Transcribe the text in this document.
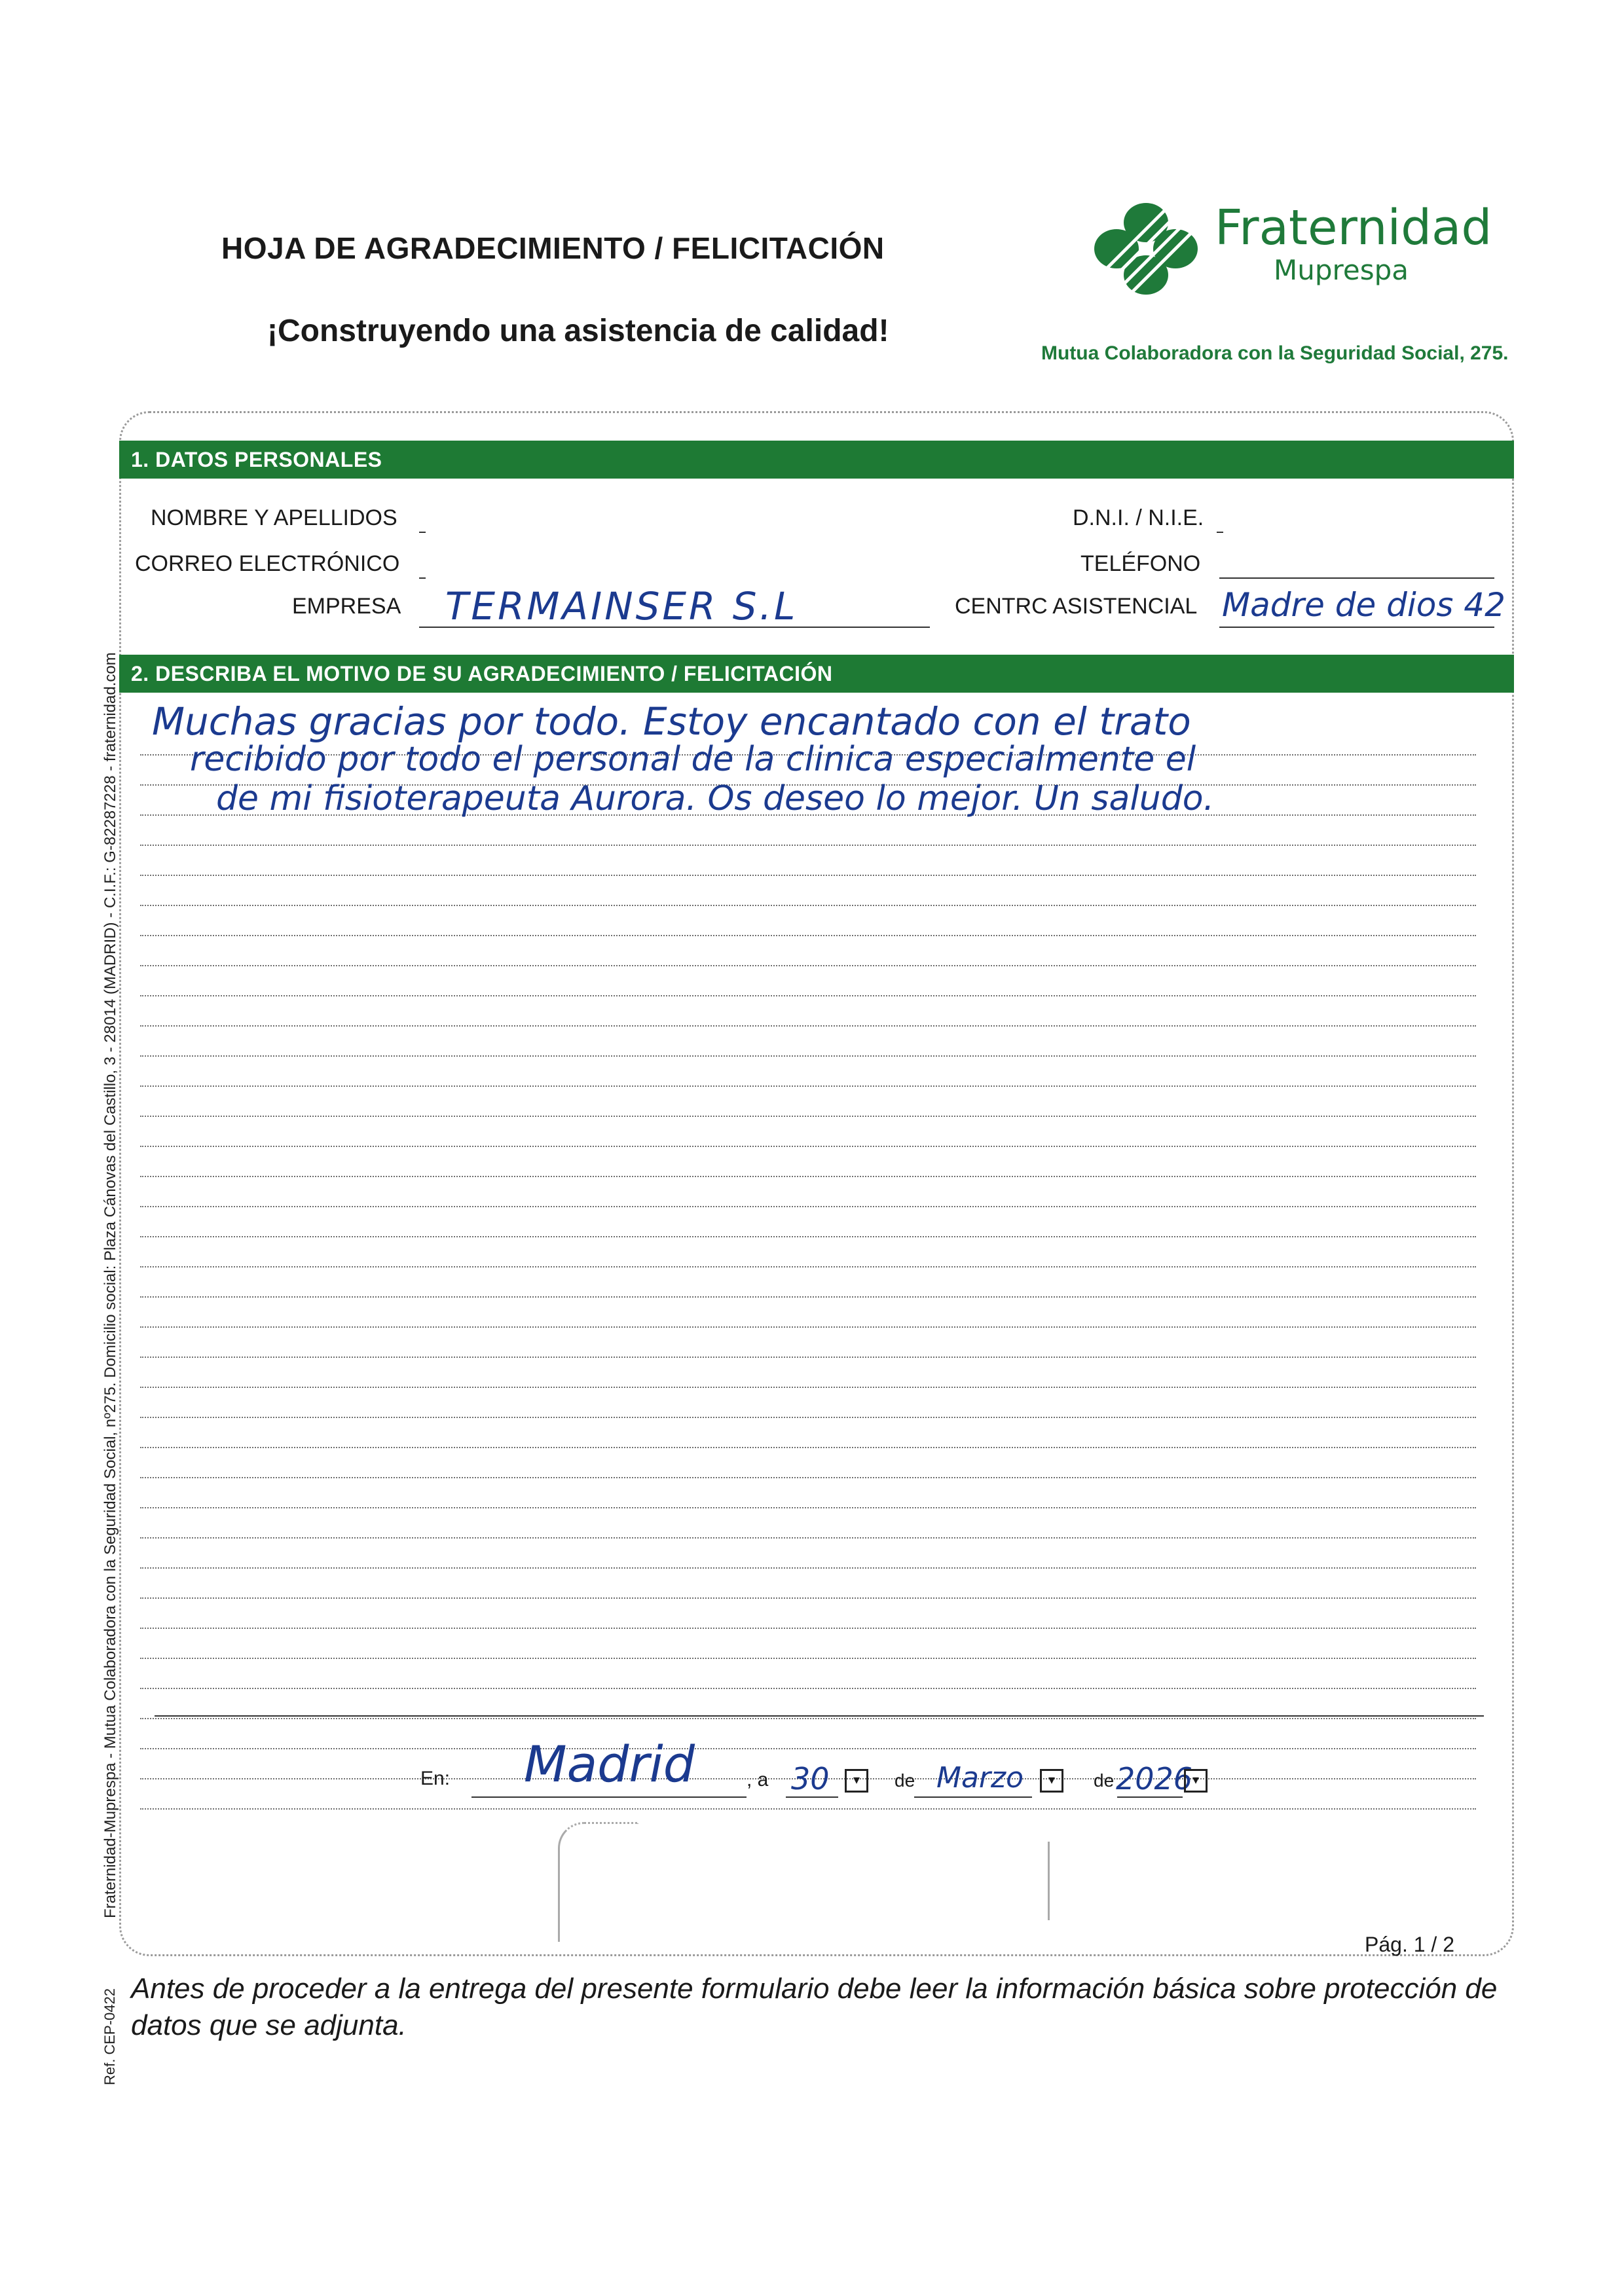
HOJA DE AGRADECIMIENTO / FELICITACIÓN
¡Construyendo una asistencia de calidad!
Fraternidad
Muprespa
Mutua Colaboradora con la Seguridad Social, 275.
1. DATOS PERSONALES
NOMBRE Y APELLIDOS	D.N.I. / N.I.E.
CORREO ELECTRÓNICO	TELÉFONO
EMPRESA TERMAINSER S.L	CENTRC ASISTENCIAL Madre de dios 42
2. DESCRIBA EL MOTIVO DE SU AGRADECIMIENTO / FELICITACIÓN
Muchas gracias por todo. Estoy encantado con el trato
recibido por todo el personal de la clinica especialmente el
de mi fisioterapeuta Aurora. Os deseo lo mejor. Un saludo.
En: Madrid	, a 30	▾	de Marzo	▾	de 2026 ▾
Pág. 1 / 2
Antes de proceder a la entrega del presente formulario debe leer la información básica sobre protección de datos que se adjunta.
Fraternidad-Muprespa - Mutua Colaboradora con la Seguridad Social, nº275. Domicilio social: Plaza Cánovas del Castillo, 3 - 28014 (MADRID) - C.I.F.: G-82287228 - fraternidad.com
Ref. CEP-0422
